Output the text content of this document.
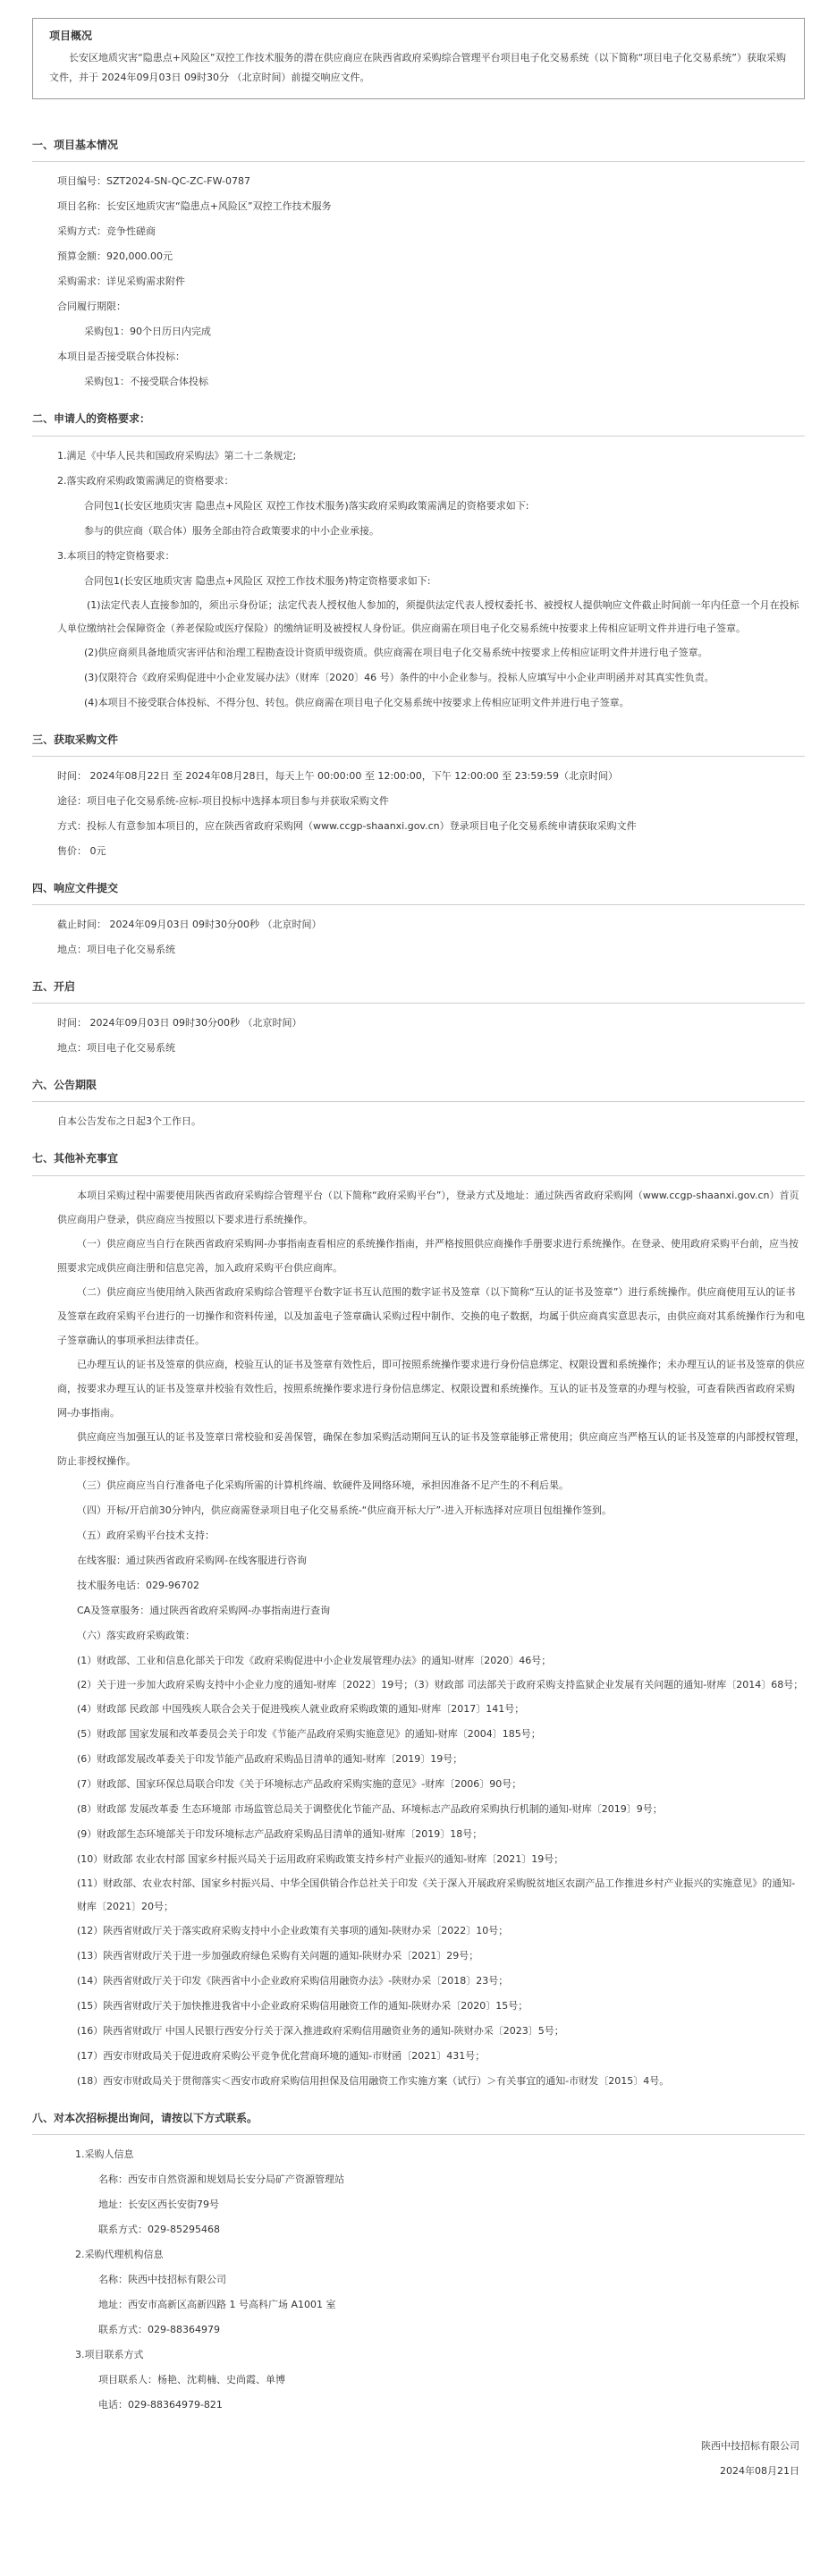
项目概况
长安区地质灾害“隐患点+风险区”双控工作技术服务的潜在供应商应在陕西省政府采购综合管理平台项目电子化交易系统（以下简称“项目电子化交易系统”）获取采购文件，并于 2024年09月03日 09时30分 （北京时间）前提交响应文件。
一、项目基本情况

项目编号：SZT2024-SN-QC-ZC-FW-0787

项目名称：长安区地质灾害“隐患点+风险区”双控工作技术服务

采购方式：竞争性磋商

预算金额：920,000.00元

采购需求：详见采购需求附件

合同履行期限：

采购包1：90个日历日内完成

本项目是否接受联合体投标：

采购包1：不接受联合体投标

二、申请人的资格要求：

1.满足《中华人民共和国政府采购法》第二十二条规定;

2.落实政府采购政策需满足的资格要求：

合同包1(长安区地质灾害 隐患点+风险区 双控工作技术服务)落实政府采购政策需满足的资格要求如下:

参与的供应商（联合体）服务全部由符合政策要求的中小企业承接。

3.本项目的特定资格要求：

合同包1(长安区地质灾害 隐患点+风险区 双控工作技术服务)特定资格要求如下:

(1)法定代表人直接参加的，须出示身份证；法定代表人授权他人参加的，须提供法定代表人授权委托书、被授权人提供响应文件截止时间前一年内任意一个月在投标人单位缴纳社会保障资金（养老保险或医疗保险）的缴纳证明及被授权人身份证。供应商需在项目电子化交易系统中按要求上传相应证明文件并进行电子签章。

(2)供应商须具备地质灾害评估和治理工程勘查设计资质甲级资质。供应商需在项目电子化交易系统中按要求上传相应证明文件并进行电子签章。

(3)仅限符合《政府采购促进中小企业发展办法》（财库〔2020〕46 号）条件的中小企业参与。投标人应填写中小企业声明函并对其真实性负责。

(4)本项目不接受联合体投标、不得分包、转包。供应商需在项目电子化交易系统中按要求上传相应证明文件并进行电子签章。

三、获取采购文件

时间： 2024年08月22日 至 2024年08月28日，每天上午 00:00:00 至 12:00:00，下午 12:00:00 至 23:59:59（北京时间）

途径：项目电子化交易系统-应标-项目投标中选择本项目参与并获取采购文件

方式：投标人有意参加本项目的，应在陕西省政府采购网（www.ccgp-shaanxi.gov.cn）登录项目电子化交易系统申请获取采购文件

售价： 0元

四、响应文件提交

截止时间： 2024年09月03日 09时30分00秒 （北京时间）

地点：项目电子化交易系统

五、开启

时间： 2024年09月03日 09时30分00秒 （北京时间）

地点：项目电子化交易系统

六、公告期限

自本公告发布之日起3个工作日。

七、其他补充事宜

本项目采购过程中需要使用陕西省政府采购综合管理平台（以下简称“政府采购平台”），登录方式及地址：通过陕西省政府采购网（www.ccgp-shaanxi.gov.cn）首页供应商用户登录，供应商应当按照以下要求进行系统操作。

（一）供应商应当自行在陕西省政府采购网-办事指南查看相应的系统操作指南，并严格按照供应商操作手册要求进行系统操作。在登录、使用政府采购平台前，应当按照要求完成供应商注册和信息完善，加入政府采购平台供应商库。

（二）供应商应当使用纳入陕西省政府采购综合管理平台数字证书互认范围的数字证书及签章（以下简称“互认的证书及签章”）进行系统操作。供应商使用互认的证书及签章在政府采购平台进行的一切操作和资料传递，以及加盖电子签章确认采购过程中制作、交换的电子数据，均属于供应商真实意思表示，由供应商对其系统操作行为和电子签章确认的事项承担法律责任。

已办理互认的证书及签章的供应商，校验互认的证书及签章有效性后，即可按照系统操作要求进行身份信息绑定、权限设置和系统操作；未办理互认的证书及签章的供应商，按要求办理互认的证书及签章并校验有效性后，按照系统操作要求进行身份信息绑定、权限设置和系统操作。互认的证书及签章的办理与校验，可查看陕西省政府采购网-办事指南。

供应商应当加强互认的证书及签章日常校验和妥善保管，确保在参加采购活动期间互认的证书及签章能够正常使用；供应商应当严格互认的证书及签章的内部授权管理，防止非授权操作。

（三）供应商应当自行准备电子化采购所需的计算机终端、软硬件及网络环境，承担因准备不足产生的不利后果。

（四）开标/开启前30分钟内，供应商需登录项目电子化交易系统-“供应商开标大厅”-进入开标选择对应项目包组操作签到。

（五）政府采购平台技术支持：

在线客服：通过陕西省政府采购网-在线客服进行咨询

技术服务电话：029-96702

CA及签章服务：通过陕西省政府采购网-办事指南进行查询

（六）落实政府采购政策：

(1）财政部、工业和信息化部关于印发《政府采购促进中小企业发展管理办法》的通知-财库〔2020〕46号；

(2）关于进一步加大政府采购支持中小企业力度的通知-财库〔2022〕19号；（3）财政部 司法部关于政府采购支持监狱企业发展有关问题的通知-财库〔2014〕68号；

(4）财政部 民政部 中国残疾人联合会关于促进残疾人就业政府采购政策的通知-财库〔2017〕141号；

(5）财政部 国家发展和改革委员会关于印发《节能产品政府采购实施意见》的通知-财库〔2004〕185号；

(6）财政部发展改革委关于印发节能产品政府采购品目清单的通知-财库〔2019〕19号；

(7）财政部、国家环保总局联合印发《关于环境标志产品政府采购实施的意见》-财库〔2006〕90号；

(8）财政部 发展改革委 生态环境部 市场监管总局关于调整优化节能产品、环境标志产品政府采购执行机制的通知-财库〔2019〕9号；

(9）财政部生态环境部关于印发环境标志产品政府采购品目清单的通知-财库〔2019〕18号；

(10）财政部 农业农村部 国家乡村振兴局关于运用政府采购政策支持乡村产业振兴的通知-财库〔2021〕19号；

(11）财政部、农业农村部、国家乡村振兴局、中华全国供销合作总社关于印发《关于深入开展政府采购脱贫地区农副产品工作推进乡村产业振兴的实施意见》的通知-财库〔2021〕20号；

(12）陕西省财政厅关于落实政府采购支持中小企业政策有关事项的通知-陕财办采〔2022〕10号；

(13）陕西省财政厅关于进一步加强政府绿色采购有关问题的通知-陕财办采〔2021〕29号；

(14）陕西省财政厅关于印发《陕西省中小企业政府采购信用融资办法》-陕财办采〔2018〕23号；

(15）陕西省财政厅关于加快推进我省中小企业政府采购信用融资工作的通知-陕财办采〔2020〕15号；

(16）陕西省财政厅 中国人民银行西安分行关于深入推进政府采购信用融资业务的通知-陕财办采〔2023〕5号；

(17）西安市财政局关于促进政府采购公平竞争优化营商环境的通知-市财函〔2021〕431号；

(18）西安市财政局关于贯彻落实＜西安市政府采购信用担保及信用融资工作实施方案（试行）＞有关事宜的通知-市财发〔2015〕4号。

八、对本次招标提出询问，请按以下方式联系。

1.采购人信息

名称：西安市自然资源和规划局长安分局矿产资源管理站

地址：长安区西长安街79号

联系方式：029-85295468

2.采购代理机构信息

名称：陕西中技招标有限公司

地址：西安市高新区高新四路 1 号高科广场 A1001 室

联系方式：029-88364979

3.项目联系方式

项目联系人：杨艳、沈莉楠、史尚霞、单博

电话：029-88364979-821

陕西中技招标有限公司
2024年08月21日
